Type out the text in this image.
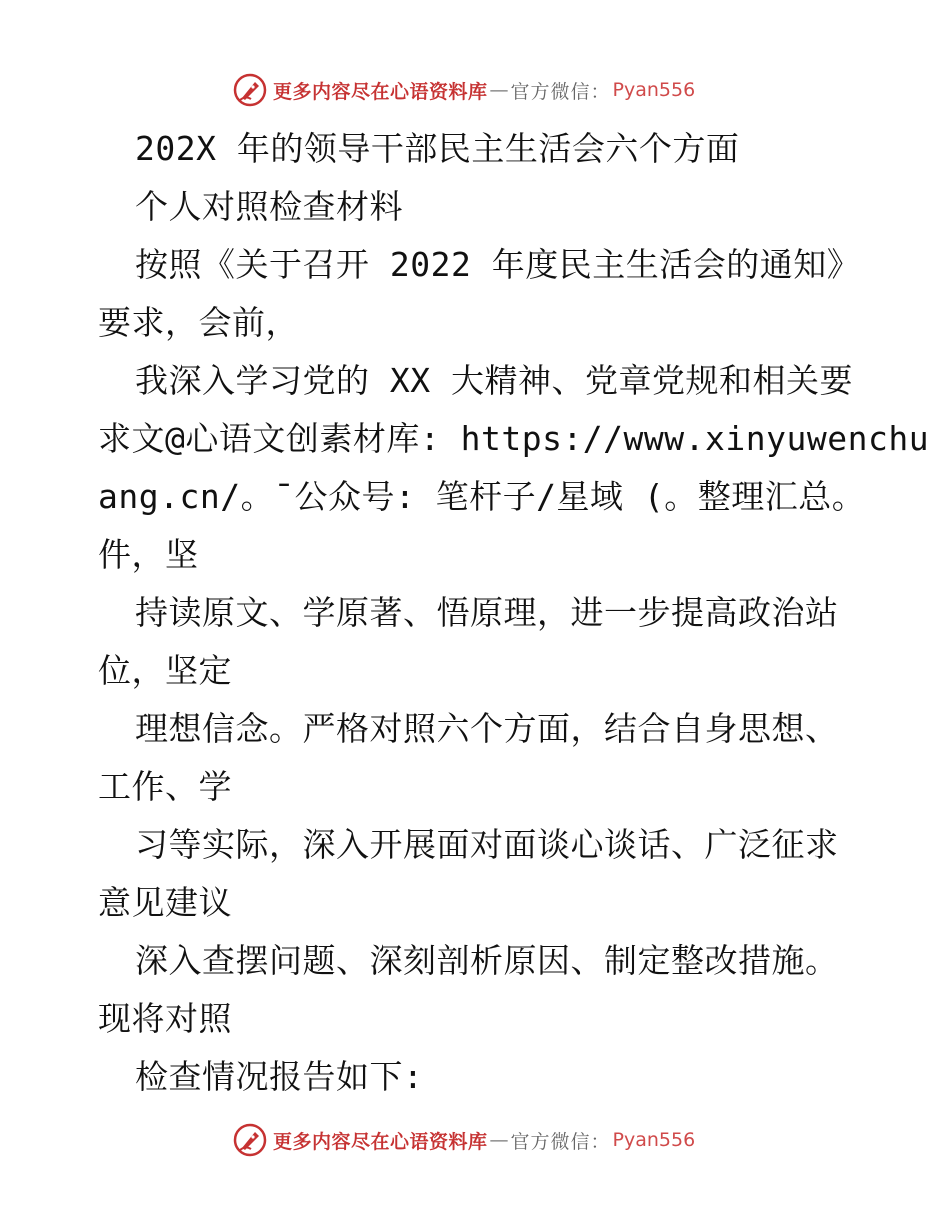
更多内容尽在心语资料库 — 官方微信： Pyan556
202X 年的领导干部民主生活会六个方面
个人对照检查材料
按照《关于召开 2022 年度民主生活会的通知》
要求，会前，
我深入学习党的 XX 大精神、党章党规和相关要
求文@心语文创素材库: https://www.xinyuwenchu
ang.cn/。¯公众号: 笔杆子/星域 (。整理汇总。
件，坚
持读原文、学原著、悟原理，进一步提高政治站
位，坚定
理想信念。严格对照六个方面，结合自身思想、
工作、学
习等实际，深入开展面对面谈心谈话、广泛征求
意见建议
深入查摆问题、深刻剖析原因、制定整改措施。
现将对照
检查情况报告如下:
更多内容尽在心语资料库 — 官方微信： Pyan556
